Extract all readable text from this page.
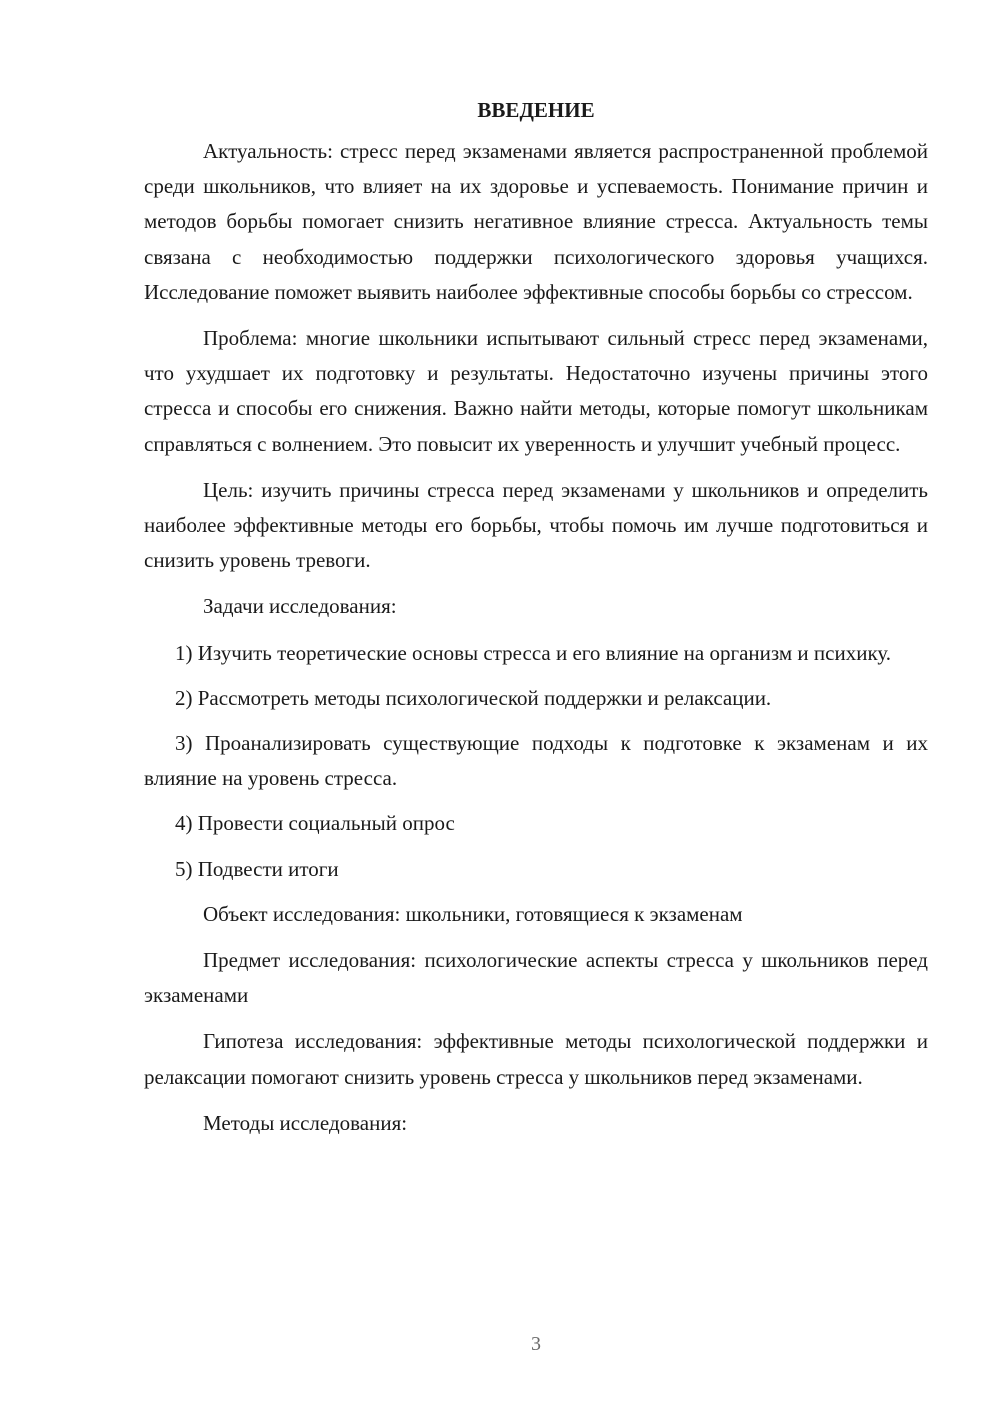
ВВЕДЕНИЕ

Актуальность: стресс перед экзаменами является распространенной проблемой среди школьников, что влияет на их здоровье и успеваемость. Понимание причин и методов борьбы помогает снизить негативное влияние стресса. Актуальность темы связана с необходимостью поддержки психологического здоровья учащихся. Исследование поможет выявить наиболее эффективные способы борьбы со стрессом.

Проблема: многие школьники испытывают сильный стресс перед экзаменами, что ухудшает их подготовку и результаты. Недостаточно изучены причины этого стресса и способы его снижения. Важно найти методы, которые помогут школьникам справляться с волнением. Это повысит их уверенность и улучшит учебный процесс.

Цель: изучить причины стресса перед экзаменами у школьников и определить наиболее эффективные методы его борьбы, чтобы помочь им лучше подготовиться и снизить уровень тревоги.

Задачи исследования:

1) Изучить теоретические основы стресса и его влияние на организм и психику.

2) Рассмотреть методы психологической поддержки и релаксации.

3) Проанализировать существующие подходы к подготовке к экзаменам и их влияние на уровень стресса.

4) Провести социальный опрос

5) Подвести итоги

Объект исследования: школьники, готовящиеся к экзаменам

Предмет исследования: психологические аспекты стресса у школьников перед экзаменами

Гипотеза исследования: эффективные методы психологической поддержки и релаксации помогают снизить уровень стресса у школьников перед экзаменами.

Методы исследования:

3
